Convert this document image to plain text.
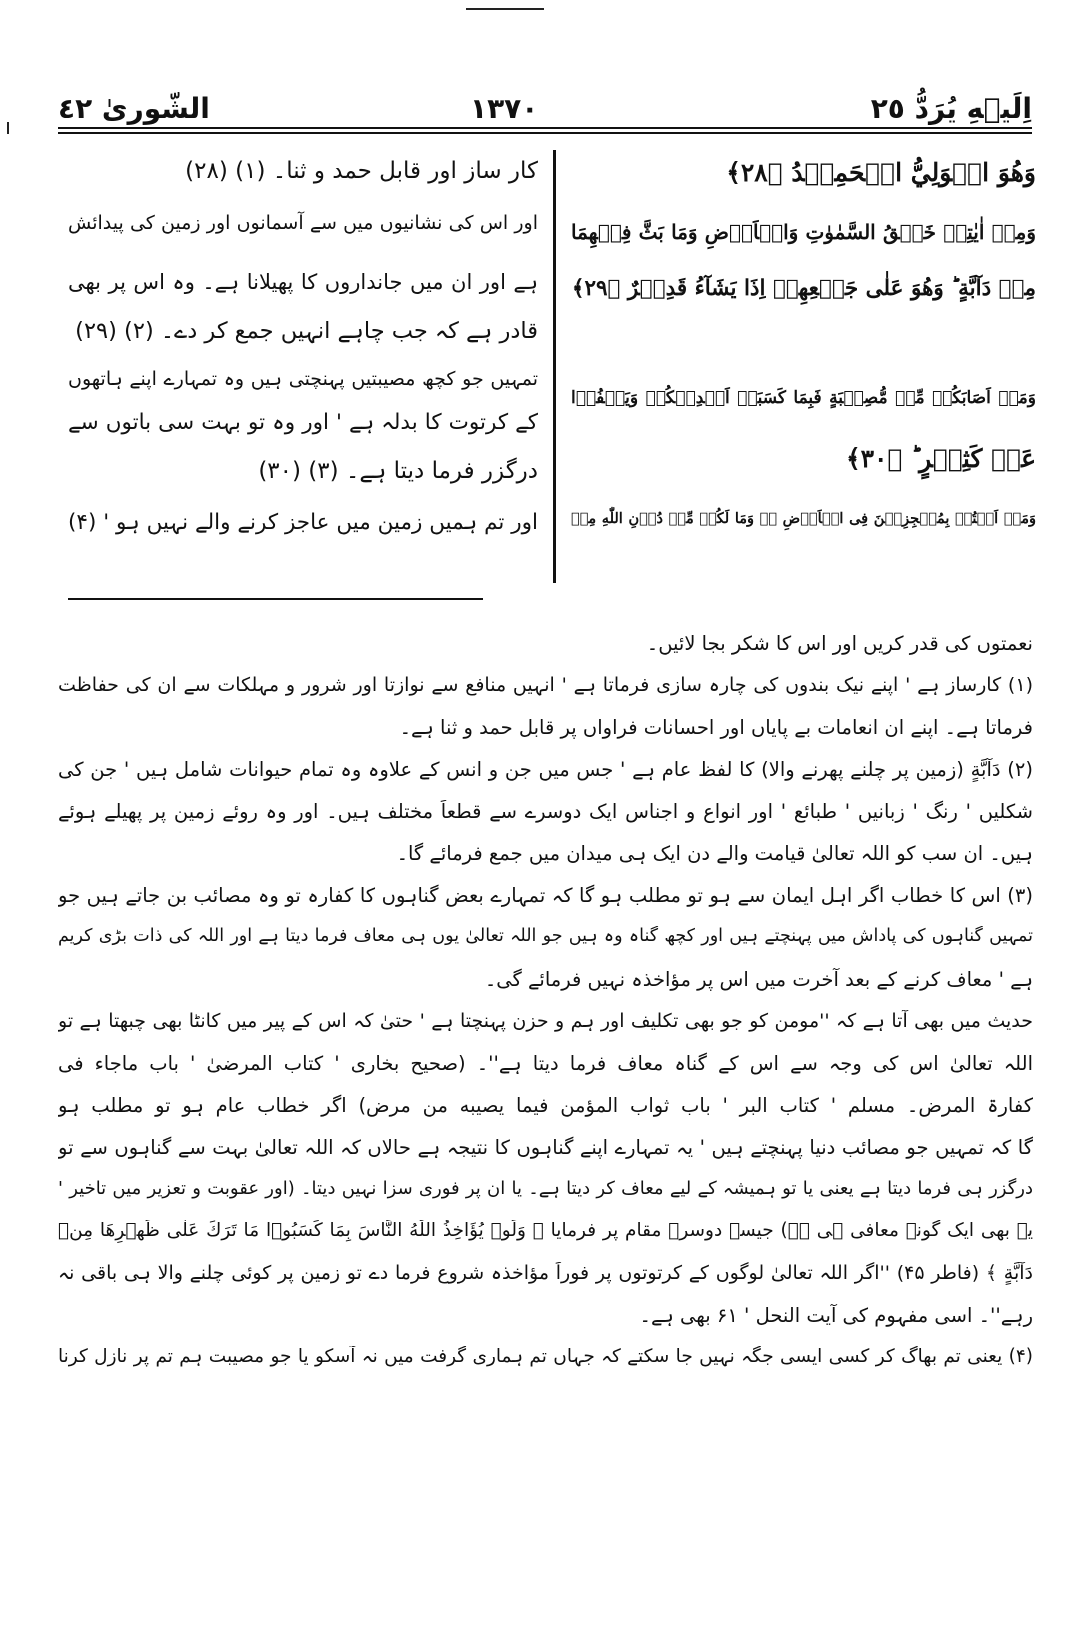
اِلَيۡهِ يُرَدُّ ٢٥
١٣٧٠
الشّوریٰ ٤٢
وَهُوَ الۡوَلِيُّ الۡحَمِيۡدُ ﴿۲۸﴾
وَمِنۡ اٰيٰتِهٖ خَلۡقُ السَّمٰوٰتِ وَالۡاَرۡضِ وَمَا بَثَّ فِيۡهِمَا
مِنۡ دَآبَّةٍ ؕ وَهُوَ عَلٰى جَمۡعِهِمۡ اِذَا يَشَآءُ قَدِيۡرٌ ﴿۲۹﴾
وَمَاۤ اَصَابَكُمۡ مِّنۡ مُّصِيۡبَةٍ فَبِمَا كَسَبَتۡ اَيۡدِيۡكُمۡ وَيَعۡفُوۡا
عَنۡ كَثِيۡرٍ ؕ ﴿۳۰﴾
وَمَاۤ اَنۡتُمۡ بِمُعۡجِزِيۡنَ فِى الۡاَرۡضِ ۖۚ وَمَا لَكُمۡ مِّنۡ دُوۡنِ اللّٰهِ مِنۡ
کار ساز اور قابل حمد و ثنا۔ (۱) (۲۸)
اور اس کی نشانیوں میں سے آسمانوں اور زمین کی پیدائش
ہے اور ان میں جانداروں کا پھیلانا ہے۔ وہ اس پر بھی
قادر ہے کہ جب چاہے انہیں جمع کر دے۔ (۲) (۲۹)
تمہیں جو کچھ مصیبتیں پہنچتی ہیں وہ تمہارے اپنے ہاتھوں
کے کرتوت کا بدلہ ہے ' اور وہ تو بہت سی باتوں سے
درگزر فرما دیتا ہے۔ (۳) (۳۰)
اور تم ہمیں زمین میں عاجز کرنے والے نہیں ہو ' (۴)
نعمتوں کی قدر کریں اور اس کا شکر بجا لائیں۔
(۱) کارساز ہے ' اپنے نیک بندوں کی چارہ سازی فرماتا ہے ' انہیں منافع سے نوازتا اور شرور و مہلکات سے ان کی حفاظت
فرماتا ہے۔ اپنے ان انعامات بے پایاں اور احسانات فراواں پر قابل حمد و ثنا ہے۔
(۲) دَآبَّةٍ (زمین پر چلنے پھرنے والا) کا لفظ عام ہے ' جس میں جن و انس کے علاوہ وہ تمام حیوانات شامل ہیں ' جن کی
شکلیں ' رنگ ' زبانیں ' طبائع ' اور انواع و اجناس ایک دوسرے سے قطعاً مختلف ہیں۔ اور وہ روئے زمین پر پھیلے ہوئے
ہیں۔ ان سب کو اللہ تعالیٰ قیامت والے دن ایک ہی میدان میں جمع فرمائے گا۔
(۳) اس کا خطاب اگر اہل ایمان سے ہو تو مطلب ہو گا کہ تمہارے بعض گناہوں کا کفارہ تو وہ مصائب بن جاتے ہیں جو
تمہیں گناہوں کی پاداش میں پہنچتے ہیں اور کچھ گناہ وہ ہیں جو اللہ تعالیٰ یوں ہی معاف فرما دیتا ہے اور اللہ کی ذات بڑی کریم
ہے ' معاف کرنے کے بعد آخرت میں اس پر مؤاخذہ نہیں فرمائے گی۔
حدیث میں بھی آتا ہے کہ ''مومن کو جو بھی تکلیف اور ہم و حزن پہنچتا ہے ' حتیٰ کہ اس کے پیر میں کانٹا بھی چبھتا ہے تو
اللہ تعالیٰ اس کی وجہ سے اس کے گناہ معاف فرما دیتا ہے''۔ (صحیح بخاری ' کتاب المرضیٰ ' باب ماجاء فی
کفارۃ المرض۔ مسلم ' کتاب البر ' باب ثواب المؤمن فیما یصیبه من مرض) اگر خطاب عام ہو تو مطلب ہو
گا کہ تمہیں جو مصائب دنیا پہنچتے ہیں ' یہ تمہارے اپنے گناہوں کا نتیجہ ہے حالاں کہ اللہ تعالیٰ بہت سے گناہوں سے تو
درگزر ہی فرما دیتا ہے یعنی یا تو ہمیشہ کے لیے معاف کر دیتا ہے۔ یا ان پر فوری سزا نہیں دیتا۔ (اور عقوبت و تعزیر میں تاخیر '
یہ بھی ایک گونہ معافی ہی ہے) جیسے دوسرے مقام پر فرمایا ﴿ وَلَوۡ يُؤَاخِذُ اللّٰهُ النَّاسَ بِمَا كَسَبُوۡا مَا تَرَكَ عَلٰى ظَهۡرِهَا مِنۡ
دَآبَّةٍ ﴾ (فاطر ۴۵) ''اگر اللہ تعالیٰ لوگوں کے کرتوتوں پر فوراً مؤاخذہ شروع فرما دے تو زمین پر کوئی چلنے والا ہی باقی نہ
رہے''۔ اسی مفہوم کی آیت النحل ' ۶۱ بھی ہے۔
(۴) یعنی تم بھاگ کر کسی ایسی جگہ نہیں جا سکتے کہ جہاں تم ہماری گرفت میں نہ آسکو یا جو مصیبت ہم تم پر نازل کرنا
